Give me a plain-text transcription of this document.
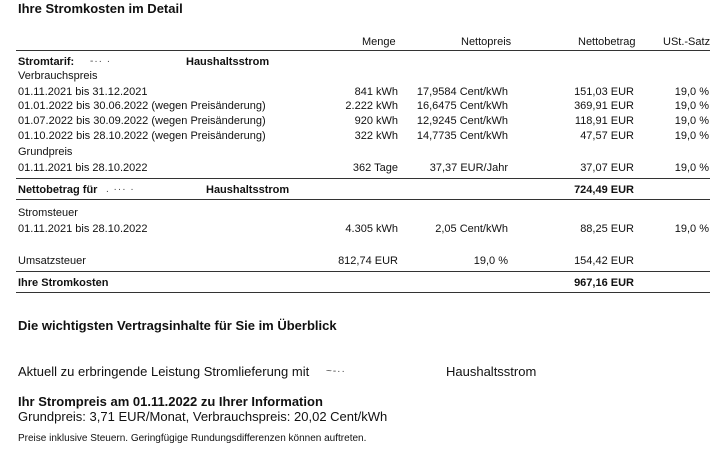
Ihre Stromkosten im Detail
Menge	Nettopreis	Nettobetrag	USt.-Satz
Stromtarif: -·· ·	Haushaltsstrom
Verbrauchspreis
01.11.2021 bis 31.12.2021	841 kWh 17,9584 Cent/kWh	151,03 EUR	19,0 %
01.01.2022 bis 30.06.2022 (wegen Preisänderung)	2.222 kWh 16,6475 Cent/kWh	369,91 EUR	19,0 %
01.07.2022 bis 30.09.2022 (wegen Preisänderung)	920 kWh 12,9245 Cent/kWh	118,91 EUR	19,0 %
01.10.2022 bis 28.10.2022 (wegen Preisänderung)	322 kWh 14,7735 Cent/kWh	47,57 EUR	19,0 %
Grundpreis
01.11.2021 bis 28.10.2022	362 Tage	37,37 EUR/Jahr	37,07 EUR	19,0 %
Nettobetrag für . ··· ·	Haushaltsstrom	724,49 EUR
Stromsteuer
01.11.2021 bis 28.10.2022	4.305 kWh	2,05 Cent/kWh	88,25 EUR	19,0 %
Umsatzsteuer	812,74 EUR	19,0 %	154,42 EUR
Ihre Stromkosten	967,16 EUR
Die wichtigsten Vertragsinhalte für Sie im Überblick
Aktuell zu erbringende Leistung Stromlieferung mit ~-··	Haushaltsstrom
Ihr Strompreis am 01.11.2022 zu Ihrer Information
Grundpreis: 3,71 EUR/Monat, Verbrauchspreis: 20,02 Cent/kWh
Preise inklusive Steuern. Geringfügige Rundungsdifferenzen können auftreten.
